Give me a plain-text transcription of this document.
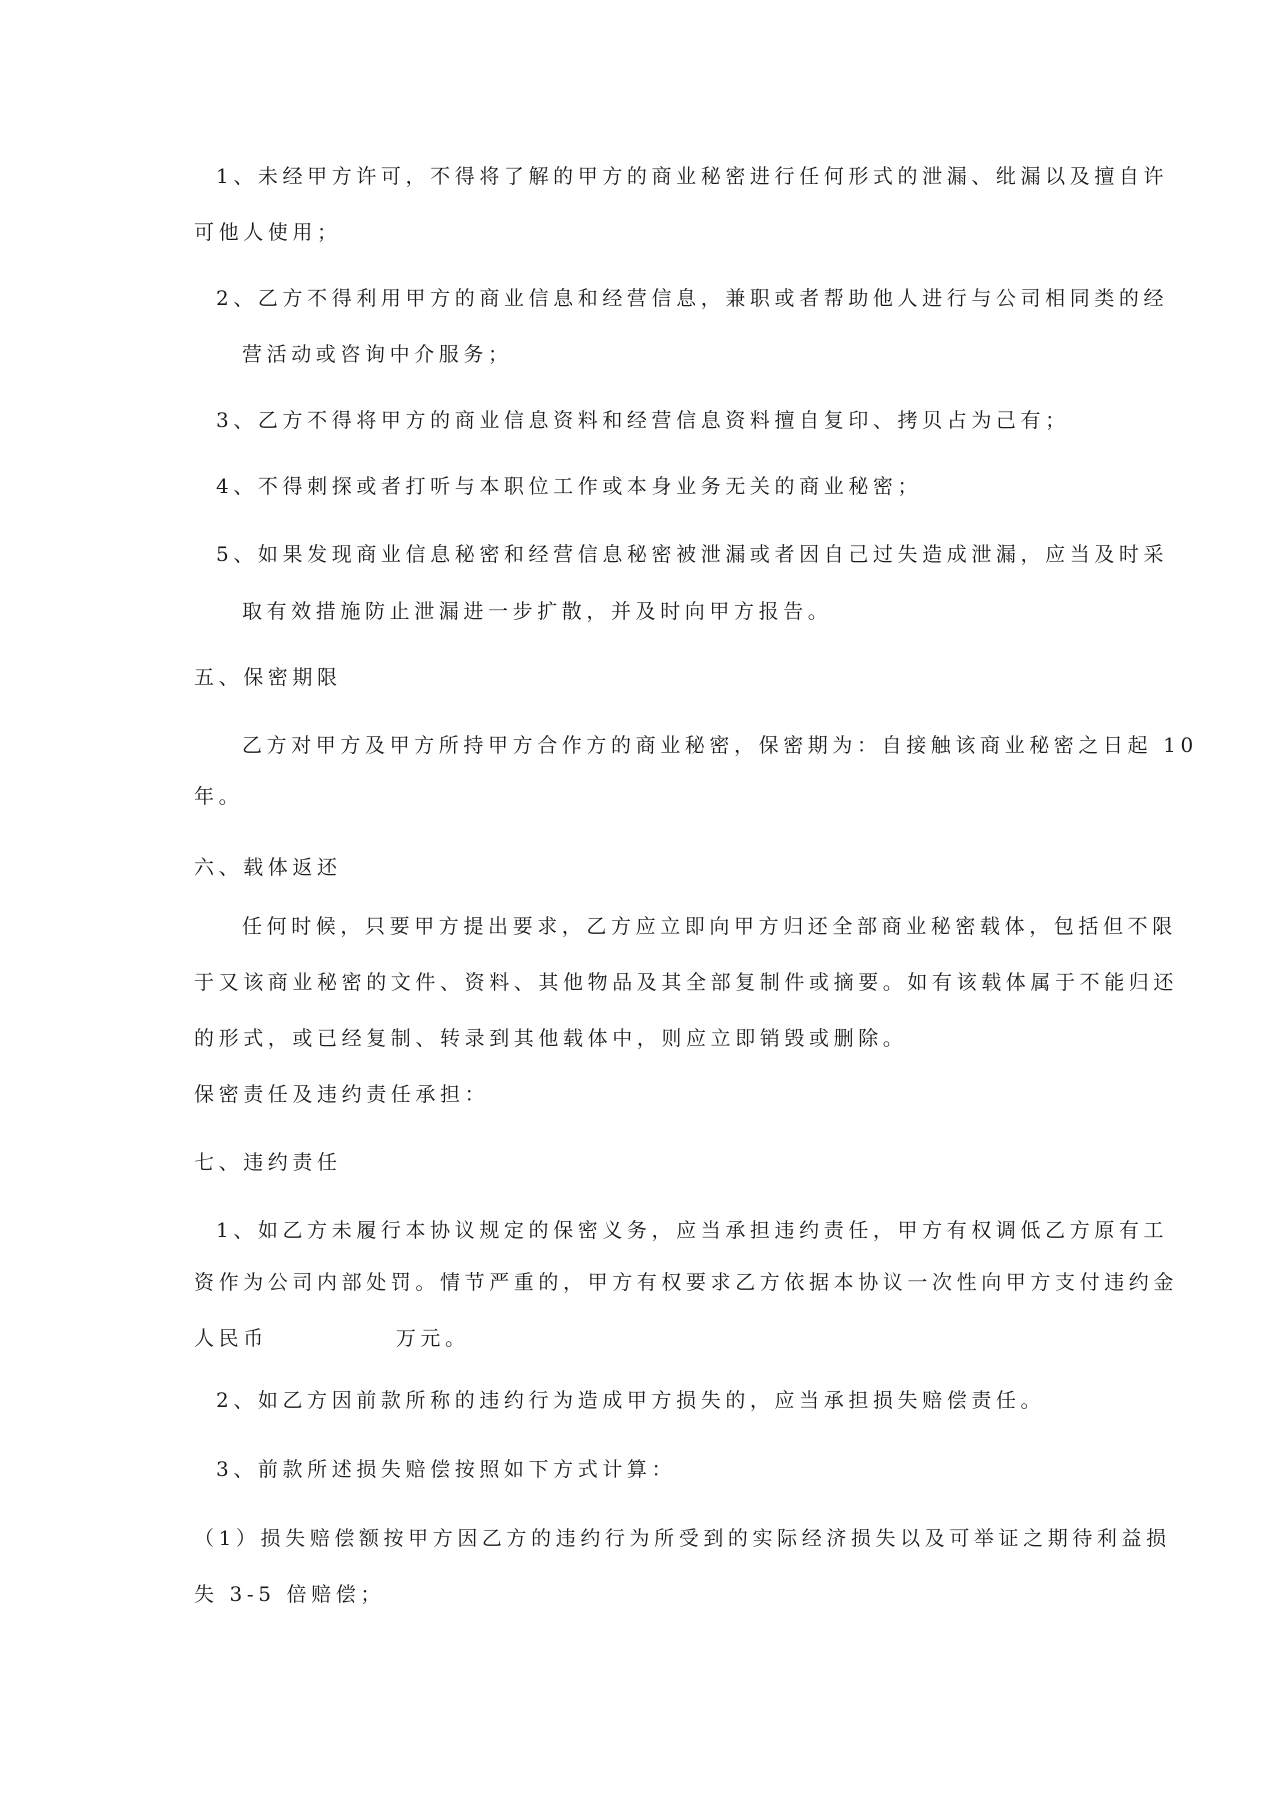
1、未经甲方许可，不得将了解的甲方的商业秘密进行任何形式的泄漏、纰漏以及擅自许
可他人使用；
2、乙方不得利用甲方的商业信息和经营信息，兼职或者帮助他人进行与公司相同类的经
营活动或咨询中介服务；
3、乙方不得将甲方的商业信息资料和经营信息资料擅自复印、拷贝占为己有；
4、不得刺探或者打听与本职位工作或本身业务无关的商业秘密；
5、如果发现商业信息秘密和经营信息秘密被泄漏或者因自己过失造成泄漏，应当及时采
取有效措施防止泄漏进一步扩散，并及时向甲方报告。
五、保密期限
乙方对甲方及甲方所持甲方合作方的商业秘密，保密期为：自接触该商业秘密之日起 10
年。
六、载体返还
任何时候，只要甲方提出要求，乙方应立即向甲方归还全部商业秘密载体，包括但不限
于又该商业秘密的文件、资料、其他物品及其全部复制件或摘要。如有该载体属于不能归还
的形式，或已经复制、转录到其他载体中，则应立即销毁或删除。
保密责任及违约责任承担：
七、违约责任
1、如乙方未履行本协议规定的保密义务，应当承担违约责任，甲方有权调低乙方原有工
资作为公司内部处罚。情节严重的，甲方有权要求乙方依据本协议一次性向甲方支付违约金
人民币	万元。
2、如乙方因前款所称的违约行为造成甲方损失的，应当承担损失赔偿责任。
3、前款所述损失赔偿按照如下方式计算：
（1）损失赔偿额按甲方因乙方的违约行为所受到的实际经济损失以及可举证之期待利益损
失 3-5 倍赔偿；
